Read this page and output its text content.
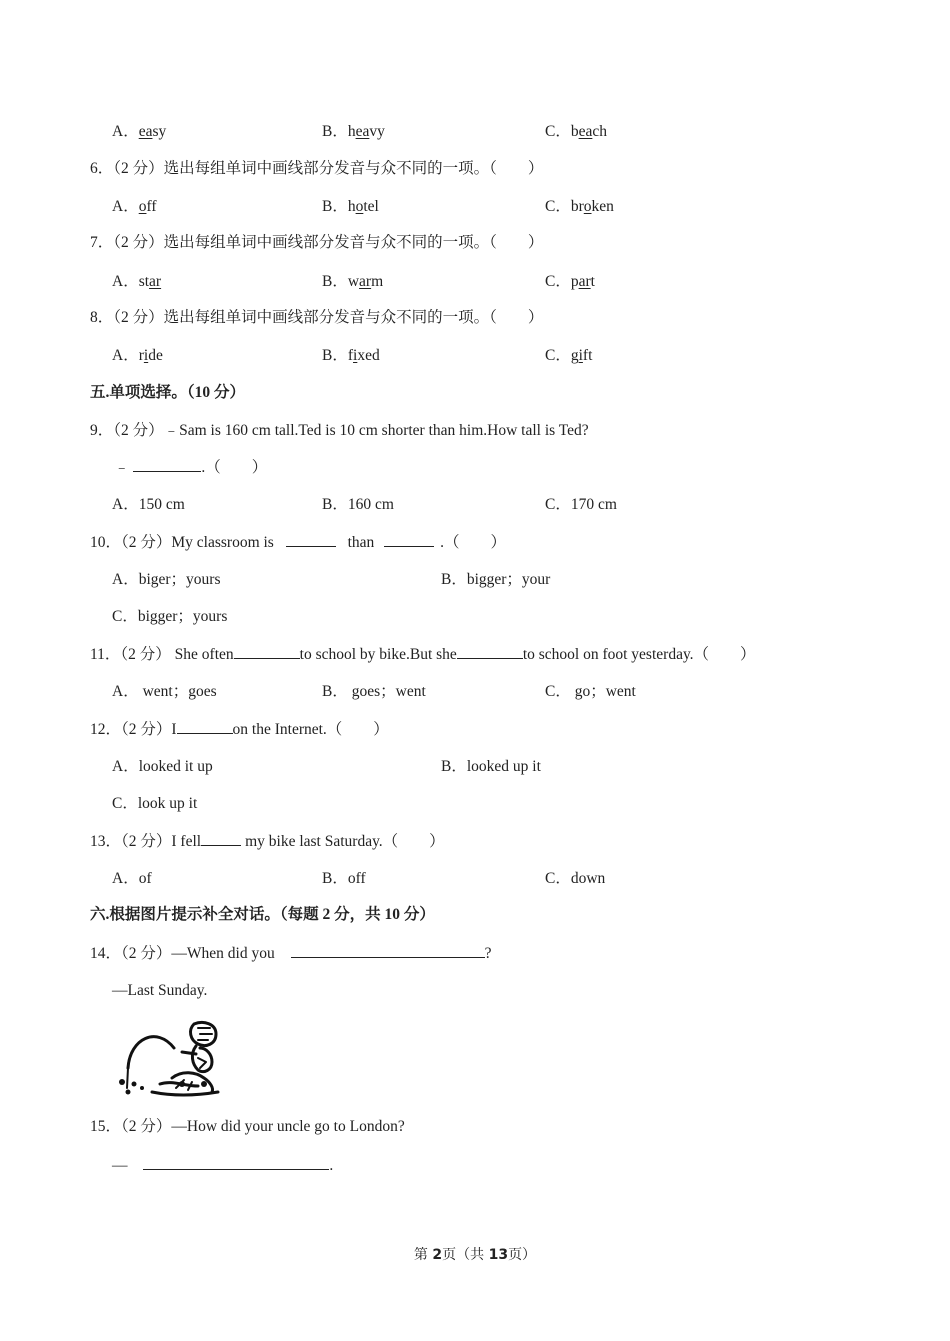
A．easy	B．heavy	C．beach
6．（2 分）选出每组单词中画线部分发音与众不同的一项。（　　）
A．off	B．hotel	C．broken
7．（2 分）选出每组单词中画线部分发音与众不同的一项。（　　）
A．star	B．warm	C．part
8．（2 分）选出每组单词中画线部分发音与众不同的一项。（　　）
A．ride	B．fixed	C．gift
五.单项选择。（10 分）
9．（2 分）﹣Sam is 160 cm tall.Ted is 10 cm shorter than him.How tall is Ted?
﹣	.（　　）
A．150 cm	B．160 cm	C．170 cm
10．（2 分）My classroom is	than	.（　　）
A．biger；yours	B．bigger；your
C．bigger；yours
11．（2 分） She often	to school by bike.But she	to school on foot yesterday.（　　）
A． went；goes	B． goes；went	C． go；went
12．（2 分）I	on the Internet.（　　）
A．looked it up	B．looked up it
C．look up it
13．（2 分）I fell	my bike last Saturday.（　　）
A．of	B．off	C．down
六.根据图片提示补全对话。（每题 2 分，共 10 分）
14．（2 分）—When did you	?
—Last Sunday.
15．（2 分）—How did your uncle go to London?
—	.
第 2页（共 13页）
